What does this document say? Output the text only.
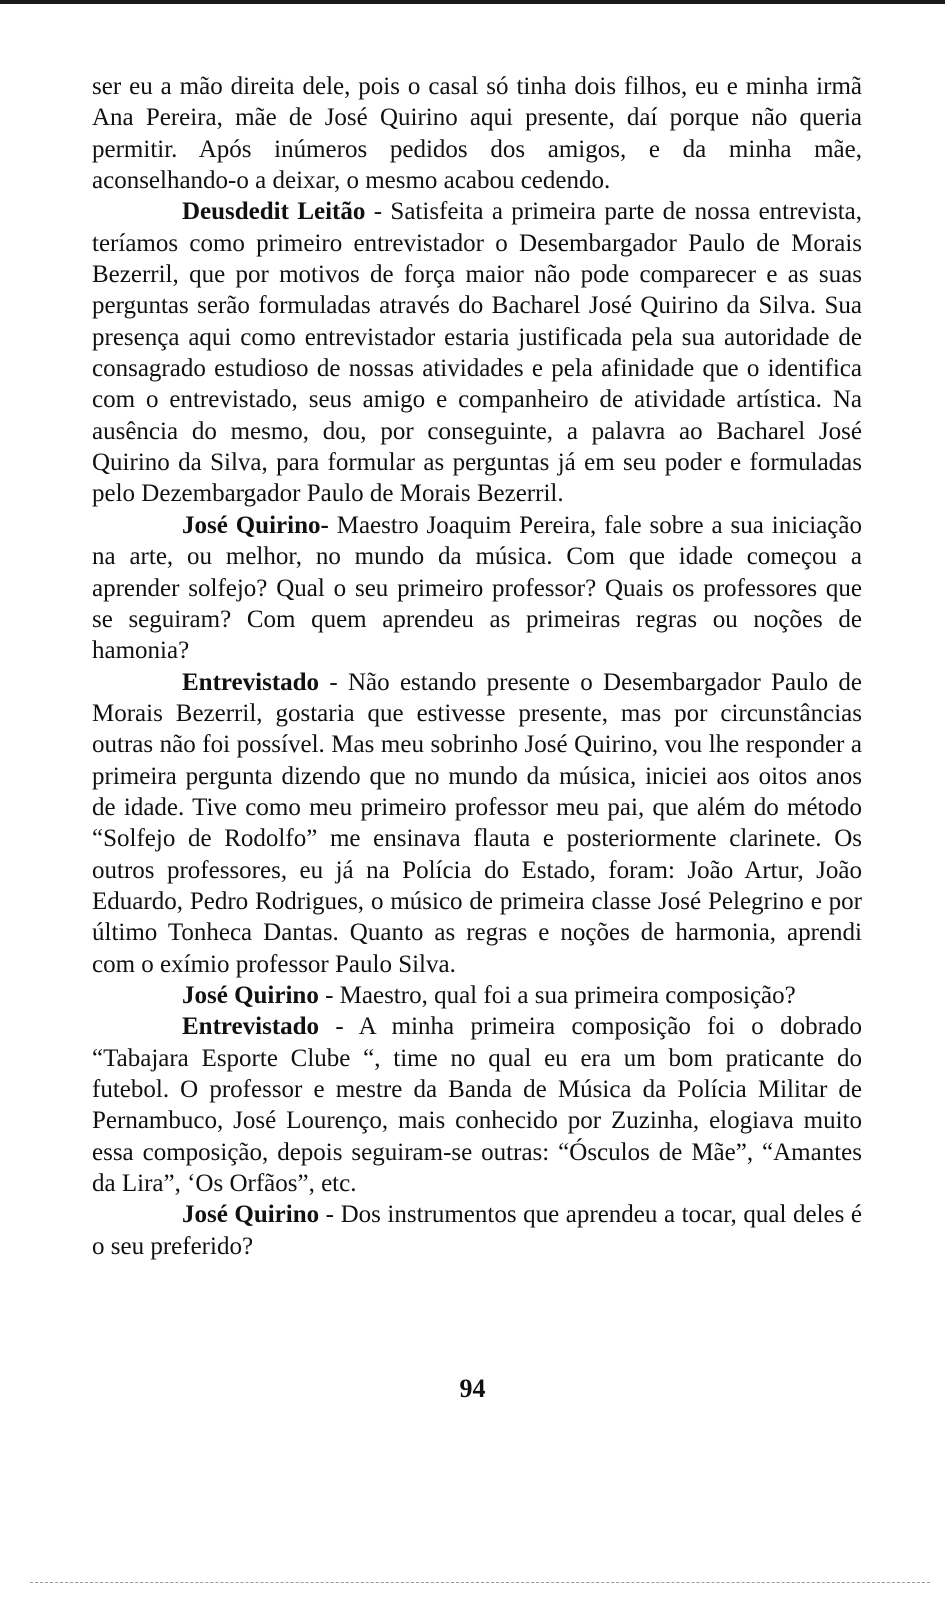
ser eu a mão direita dele, pois o casal só tinha dois filhos, eu e minha irmã Ana Pereira, mãe de José Quirino aqui presente, daí porque não queria permitir. Após inúmeros pedidos dos amigos, e da minha mãe, aconselhando-o a deixar, o mesmo acabou cedendo.

Deusdedit Leitão - Satisfeita a primeira parte de nossa entrevista, teríamos como primeiro entrevistador o Desembargador Paulo de Morais Bezerril, que por motivos de força maior não pode comparecer e as suas perguntas serão formuladas através do Bacharel José Quirino da Silva. Sua presença aqui como entrevistador estaria justificada pela sua autoridade de consagrado estudioso de nossas atividades e pela afinidade que o identifica com o entrevistado, seus amigo e companheiro de atividade artística. Na ausência do mesmo, dou, por conseguinte, a palavra ao Bacharel José Quirino da Silva, para formular as perguntas já em seu poder e formuladas pelo Dezembargador Paulo de Morais Bezerril.

José Quirino- Maestro Joaquim Pereira, fale sobre a sua iniciação na arte, ou melhor, no mundo da música. Com que idade começou a aprender solfejo? Qual o seu primeiro professor? Quais os professores que se seguiram? Com quem aprendeu as primeiras regras ou noções de hamonia?

Entrevistado - Não estando presente o Desembargador Paulo de Morais Bezerril, gostaria que estivesse presente, mas por circunstâncias outras não foi possível. Mas meu sobrinho José Quirino, vou lhe responder a primeira pergunta dizendo que no mundo da música, iniciei aos oitos anos de idade. Tive como meu primeiro professor meu pai, que além do método “Solfejo de Rodolfo” me ensinava flauta e posteriormente clarinete. Os outros professores, eu já na Polícia do Estado, foram: João Artur, João Eduardo, Pedro Rodrigues, o músico de primeira classe José Pelegrino e por último Tonheca Dantas. Quanto as regras e noções de harmonia, aprendi com o exímio professor Paulo Silva.

José Quirino - Maestro, qual foi a sua primeira composição?

Entrevistado - A minha primeira composição foi o dobrado “Tabajara Esporte Clube “, time no qual eu era um bom praticante do futebol. O professor e mestre da Banda de Música da Polícia Militar de Pernambuco, José Lourenço, mais conhecido por Zuzinha, elogiava muito essa composição, depois seguiram-se outras: “Ósculos de Mãe”, “Amantes da Lira”, ‘Os Orfãos”, etc.

José Quirino - Dos instrumentos que aprendeu a tocar, qual deles é o seu preferido?

94
